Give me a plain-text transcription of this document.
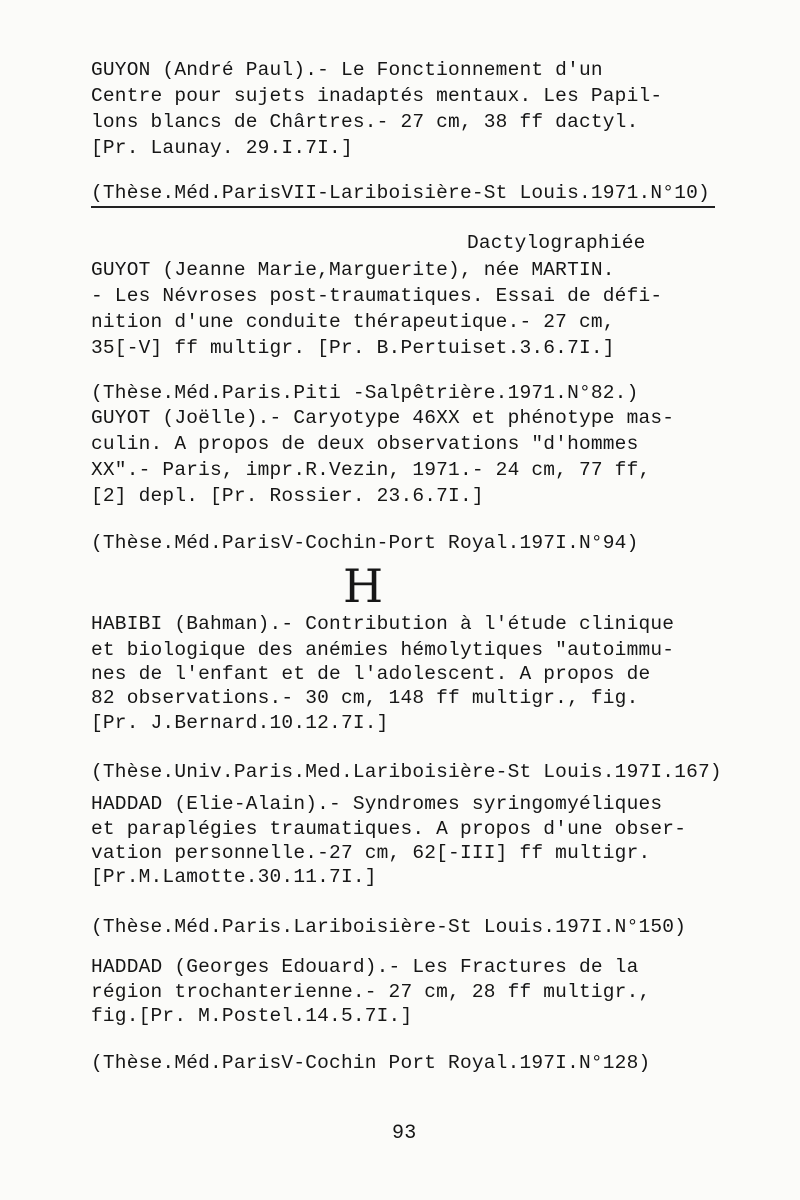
GUYON (André Paul).- Le Fonctionnement d'un
Centre pour sujets inadaptés mentaux. Les Papil-
lons blancs de Chârtres.- 27 cm, 38 ff dactyl.
[Pr. Launay. 29.I.7I.]
(Thèse.Méd.ParisVII-Lariboisière-St Louis.1971.N°10)
Dactylographiée
GUYOT (Jeanne Marie,Marguerite), née MARTIN.
- Les Névroses post-traumatiques. Essai de défi-
nition d'une conduite thérapeutique.- 27 cm,
35[-V] ff multigr. [Pr. B.Pertuiset.3.6.7I.]
(Thèse.Méd.Paris.Piti -Salpêtrière.1971.N°82.)
GUYOT (Joëlle).- Caryotype 46XX et phénotype mas-
culin. A propos de deux observations "d'hommes
XX".- Paris, impr.R.Vezin, 1971.- 24 cm, 77 ff,
[2] depl. [Pr. Rossier. 23.6.7I.]
(Thèse.Méd.ParisV-Cochin-Port Royal.197I.N°94)
H
HABIBI (Bahman).- Contribution à l'étude clinique
et biologique des anémies hémolytiques "autoimmu-
nes de l'enfant et de l'adolescent. A propos de
82 observations.- 30 cm, 148 ff multigr., fig.
[Pr. J.Bernard.10.12.7I.]
(Thèse.Univ.Paris.Med.Lariboisière-St Louis.197I.167)
HADDAD (Elie-Alain).- Syndromes syringomyéliques
et paraplégies traumatiques. A propos d'une obser-
vation personnelle.-27 cm, 62[-III] ff multigr.
[Pr.M.Lamotte.30.11.7I.]
(Thèse.Méd.Paris.Lariboisière-St Louis.197I.N°150)
HADDAD (Georges Edouard).- Les Fractures de la
région trochanterienne.- 27 cm, 28 ff multigr.,
fig.[Pr. M.Postel.14.5.7I.]
(Thèse.Méd.ParisV-Cochin Port Royal.197I.N°128)
93
